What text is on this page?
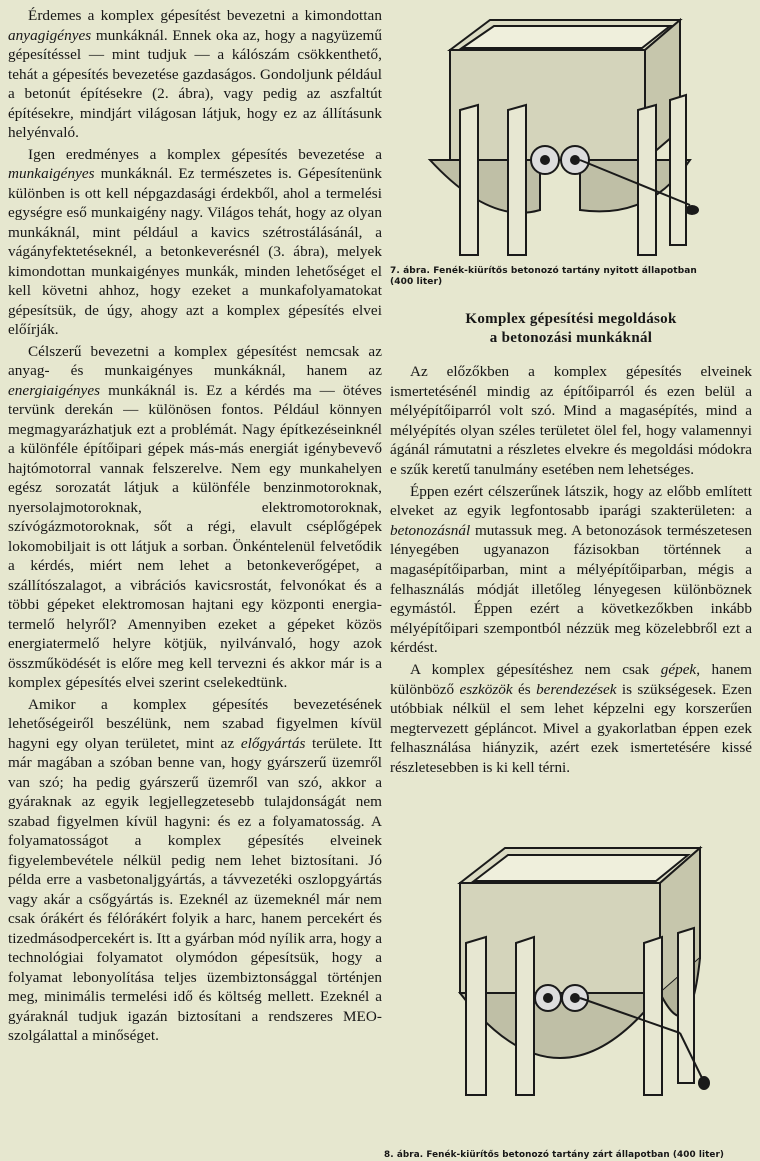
Érdemes a komplex gépesítést bevezetni a kimondottan anyagigényes munkáknál. Ennek oka az, hogy a nagyüzemű gépesítéssel — mint tudjuk — a kálószám csökkenthető, tehát a gépesítés bevezetése gazdaságos. Gondoljunk például a betonút építésekre (2. ábra), vagy pedig az aszfaltút építésekre, mindjárt világosan látjuk, hogy ez az állításunk helyénvaló.

Igen eredményes a komplex gépesítés bevezetése a munkaigényes munkáknál. Ez természetes is. Gépesítenünk különben is ott kell népgazdasági érdekből, ahol a termelési egységre eső munkaigény nagy. Világos tehát, hogy az olyan munkáknál, mint például a kavics szétrostálásánál, a vágányfektetéseknél, a betonkeverésnél (3. ábra), melyek kimondottan munkaigényes munkák, minden lehetőséget el kell követni ahhoz, hogy ezeket a munkafolyamatokat gépesítsük, de úgy, ahogy azt a komplex gépesítés elvei előírják.

Célszerű bevezetni a komplex gépesítést nemcsak az anyag- és munkaigényes munkáknál, hanem az energiaigényes munkáknál is. Ez a kérdés ma — ötéves tervünk derekán — különösen fontos. Például könnyen megmagyarázhatjuk ezt a problémát. Nagy építkezéseinknél a különféle építőipari gépek más-más energiát igénybevevő hajtómotorral vannak felszerelve. Nem egy munkahelyen egész sorozatát látjuk a különféle benzinmotoroknak, nyersolajmotoroknak, elektromotoroknak, szívógázmotoroknak, sőt a régi, elavult cséplőgépek lokomobiljait is ott látjuk a sorban. Önkéntelenül felvetődik a kérdés, miért nem lehet a betonkeverőgépet, a szállítószalagot, a vibrációs kavicsrostát, felvonókat és a többi gépeket elektromosan hajtani egy központi energia-termelő helyről? Amennyiben ezeket a gépeket közös energiatermelő helyre kötjük, nyilvánvaló, hogy azok összműködését is előre meg kell tervezni és akkor már is a komplex gépesítés elvei szerint cselekedtünk.

Amikor a komplex gépesítés bevezetésének lehetőségeiről beszélünk, nem szabad figyelmen kívül hagyni egy olyan területet, mint az előgyártás területe. Itt már magában a szóban benne van, hogy gyárszerű üzemről van szó; ha pedig gyárszerű üzemről van szó, akkor a gyáraknak az egyik legjellegzetesebb tulajdonságát nem szabad figyelmen kívül hagyni: és ez a folyamatosság. A folyamatosságot a komplex gépesítés elveinek figyelembevétele nélkül pedig nem lehet biztosítani. Jó példa erre a vasbetonaljgyártás, a távvezetéki oszlopgyártás vagy akár a csőgyártás is. Ezeknél az üzemeknél már nem csak órákért és félórákért folyik a harc, hanem percekért és tizedmásodpercekért is. Itt a gyárban mód nyílik arra, hogy a technológiai folyamatot olymódon gépesítsük, hogy a folyamat lebonyolítása teljes üzembiztonsággal történjen meg, minimális termelési idő és költség mellett. Ezeknél a gyáraknál tudjuk igazán biztosítani a rendszeres MEO-szolgálattal a minőséget.

7. ábra. Fenék-kiürítős betonozó tartány nyitott állapotban (400 liter)
Komplex gépesítési megoldások
a betonozási munkáknál

Az előzőkben a komplex gépesítés elveinek ismertetésénél mindig az építőiparról és ezen belül a mélyépítőiparról volt szó. Mind a magasépítés, mind a mélyépítés olyan széles területet ölel fel, hogy valamennyi ágánál rámutatni a részletes elvekre és megoldási módokra e szűk keretű tanulmány esetében nem lehetséges.

Éppen ezért célszerűnek látszik, hogy az előbb említett elveket az egyik legfontosabb iparági szakterületen: a betonozásnál mutassuk meg. A betonozások természetesen lényegében ugyanazon fázisokban történnek a magasépítőiparban, mint a mélyépítőiparban, mégis a felhasználás módját illetőleg lényegesen különböznek egymástól. Éppen ezért a következőkben inkább mélyépítőipari szempontból nézzük meg közelebbről ezt a kérdést.

A komplex gépesítéshez nem csak gépek, hanem különböző eszközök és berendezések is szükségesek. Ezen utóbbiak nélkül el sem lehet képzelni egy korszerűen megtervezett gépláncot. Mivel a gyakorlatban éppen ezek felhasználása hiányzik, azért ezek ismertetésére kissé részletesebben is ki kell térni.

8. ábra. Fenék-kiürítős betonozó tartány zárt állapotban (400 liter)
